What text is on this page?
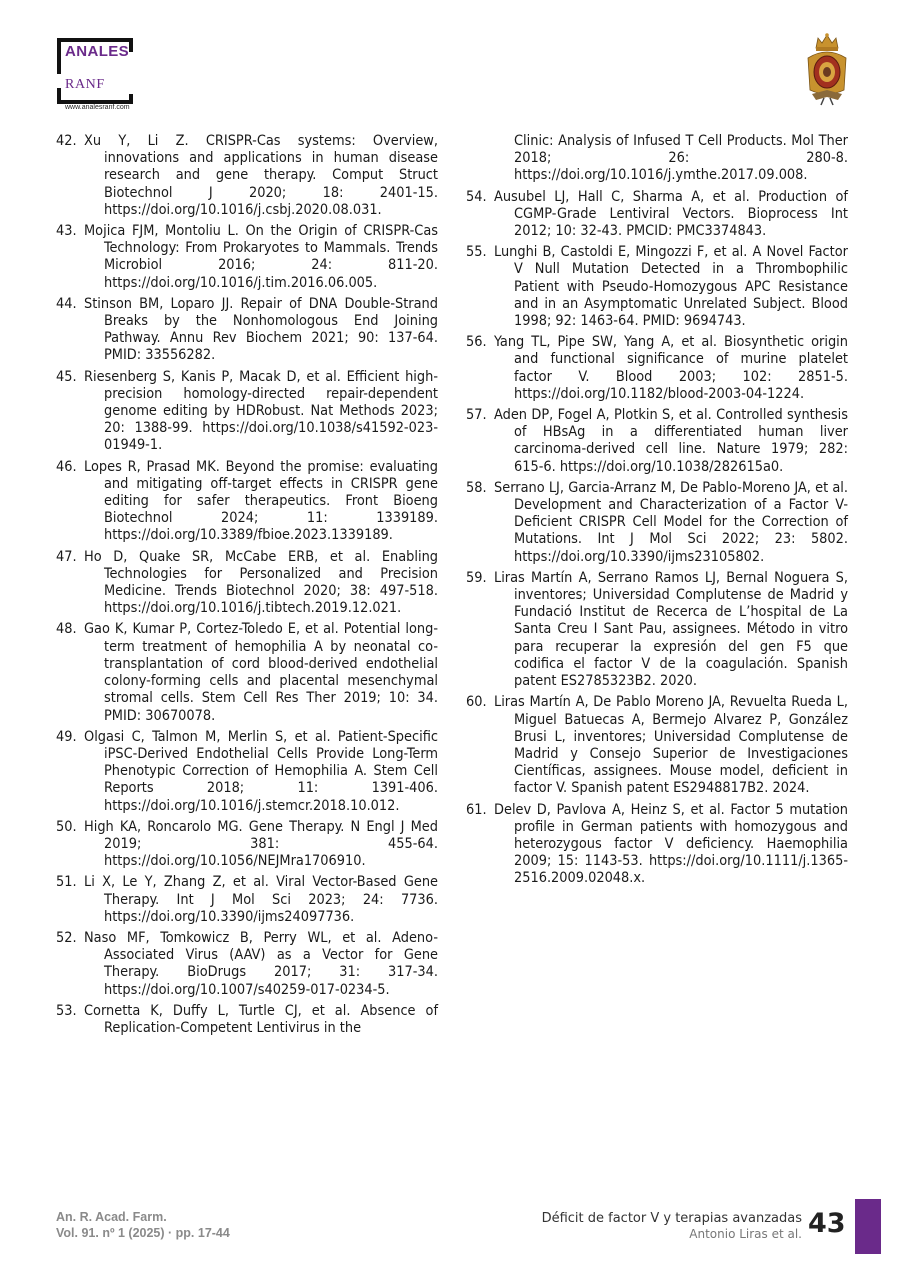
ANALES
RANF
www.analesranf.com
42. Xu Y, Li Z. CRISPR-Cas systems: Overview, innovations and applications in human disease research and gene therapy. Comput Struct Biotechnol J 2020; 18: 2401-15. https://doi.org/10.1016/j.csbj.2020.08.031.
43. Mojica FJM, Montoliu L. On the Origin of CRISPR-Cas Technology: From Prokaryotes to Mammals. Trends Microbiol 2016; 24: 811-20. https://doi.org/10.1016/j.tim.2016.06.005.
44. Stinson BM, Loparo JJ. Repair of DNA Double-Strand Breaks by the Nonhomologous End Joining Pathway. Annu Rev Biochem 2021; 90: 137-64. PMID: 33556282.
45. Riesenberg S, Kanis P, Macak D, et al. Efficient high-precision homology-directed repair-dependent genome editing by HDRobust. Nat Methods 2023; 20: 1388-99. https://doi.org/10.1038/s41592-023-01949-1.
46. Lopes R, Prasad MK. Beyond the promise: evaluating and mitigating off-target effects in CRISPR gene editing for safer therapeutics. Front Bioeng Biotechnol 2024; 11: 1339189. https://doi.org/10.3389/fbioe.2023.1339189.
47. Ho D, Quake SR, McCabe ERB, et al. Enabling Technologies for Personalized and Precision Medicine. Trends Biotechnol 2020; 38: 497-518. https://doi.org/10.1016/j.tibtech.2019.12.021.
48. Gao K, Kumar P, Cortez-Toledo E, et al. Potential long-term treatment of hemophilia A by neonatal co-transplantation of cord blood-derived endothelial colony-forming cells and placental mesenchymal stromal cells. Stem Cell Res Ther 2019; 10: 34. PMID: 30670078.
49. Olgasi C, Talmon M, Merlin S, et al. Patient-Specific iPSC-Derived Endothelial Cells Provide Long-Term Phenotypic Correction of Hemophilia A. Stem Cell Reports 2018; 11: 1391-406. https://doi.org/10.1016/j.stemcr.2018.10.012.
50. High KA, Roncarolo MG. Gene Therapy. N Engl J Med 2019; 381: 455-64. https://doi.org/10.1056/NEJMra1706910.
51. Li X, Le Y, Zhang Z, et al. Viral Vector-Based Gene Therapy. Int J Mol Sci 2023; 24: 7736. https://doi.org/10.3390/ijms24097736.
52. Naso MF, Tomkowicz B, Perry WL, et al. Adeno-Associated Virus (AAV) as a Vector for Gene Therapy. BioDrugs 2017; 31: 317-34. https://doi.org/10.1007/s40259-017-0234-5.
53. Cornetta K, Duffy L, Turtle CJ, et al. Absence of Replication-Competent Lentivirus in the
Clinic: Analysis of Infused T Cell Products. Mol Ther 2018; 26: 280-8. https://doi.org/10.1016/j.ymthe.2017.09.008.
54. Ausubel LJ, Hall C, Sharma A, et al. Production of CGMP-Grade Lentiviral Vectors. Bioprocess Int 2012; 10: 32-43. PMCID: PMC3374843.
55. Lunghi B, Castoldi E, Mingozzi F, et al. A Novel Factor V Null Mutation Detected in a Thrombophilic Patient with Pseudo-Homozygous APC Resistance and in an Asymptomatic Unrelated Subject. Blood 1998; 92: 1463-64. PMID: 9694743.
56. Yang TL, Pipe SW, Yang A, et al. Biosynthetic origin and functional significance of murine platelet factor V. Blood 2003; 102: 2851-5. https://doi.org/10.1182/blood-2003-04-1224.
57. Aden DP, Fogel A, Plotkin S, et al. Controlled synthesis of HBsAg in a differentiated human liver carcinoma-derived cell line. Nature 1979; 282: 615-6. https://doi.org/10.1038/282615a0.
58. Serrano LJ, Garcia-Arranz M, De Pablo-Moreno JA, et al. Development and Characterization of a Factor V-Deficient CRISPR Cell Model for the Correction of Mutations. Int J Mol Sci 2022; 23: 5802. https://doi.org/10.3390/ijms23105802.
59. Liras Martín A, Serrano Ramos LJ, Bernal Noguera S, inventores; Universidad Complutense de Madrid y Fundació Institut de Recerca de L’hospital de La Santa Creu I Sant Pau, assignees. Método in vitro para recuperar la expresión del gen F5 que codifica el factor V de la coagulación. Spanish patent ES2785323B2. 2020.
60. Liras Martín A, De Pablo Moreno JA, Revuelta Rueda L, Miguel Batuecas A, Bermejo Alvarez P, González Brusi L, inventores; Universidad Complutense de Madrid y Consejo Superior de Investigaciones Científicas, assignees. Mouse model, deficient in factor V. Spanish patent ES2948817B2. 2024.
61. Delev D, Pavlova A, Heinz S, et al. Factor 5 mutation profile in German patients with homozygous and heterozygous factor V deficiency. Haemophilia 2009; 15: 1143-53. https://doi.org/10.1111/j.1365-2516.2009.02048.x.
An. R. Acad. Farm.
Vol. 91. nº 1 (2025) · pp. 17-44
Déficit de factor V y terapias avanzadas
Antonio Liras et al. 43
